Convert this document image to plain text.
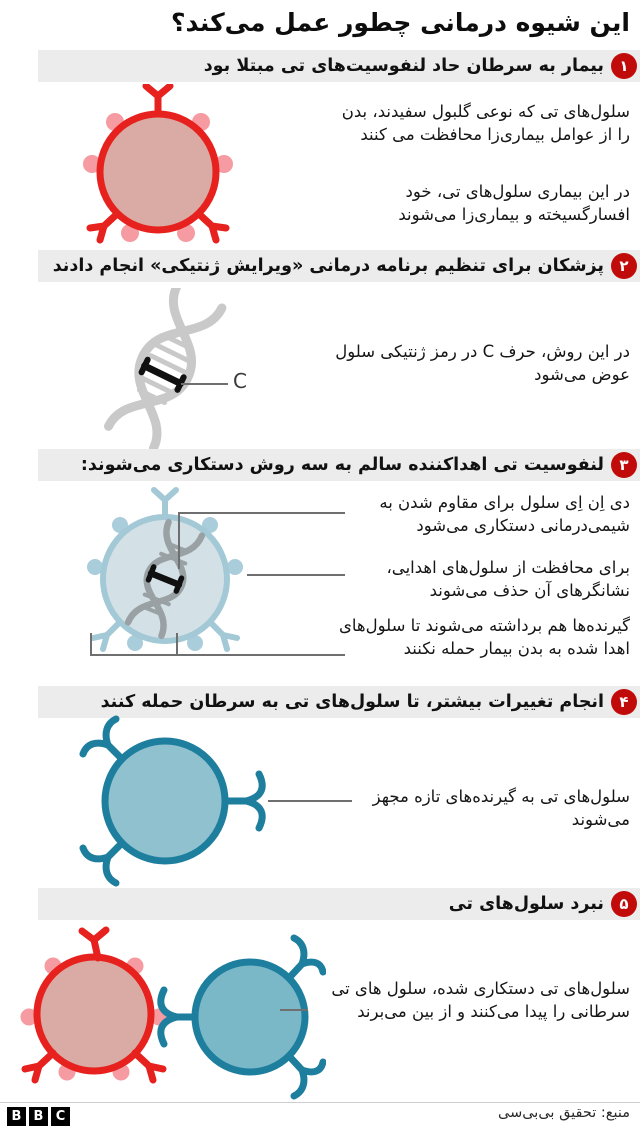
این شیوه درمانی چطور عمل می‌کند؟
۱
بیمار به سرطان حاد لنفوسیت‌های تی مبتلا بود

سلول‌های تی که نوعی گلبول سفیدند، بدن را از عوامل بیماری‌زا محافظت می کنند

در این بیماری سلول‌های تی، خود افسارگسیخته و بیماری‌زا می‌شوند

۲
پزشکان برای تنظیم برنامه درمانی «ویرایش ژنتیکی» انجام دادند
C

در این روش، حرف C در رمز ژنتیکی سلول عوض می‌شود

۳
لنفوسیت تی اهداکننده سالم به سه روش دستکاری می‌شوند:

دی اِن اِی سلول برای مقاوم شدن به شیمی‌درمانی دستکاری می‌شود

برای محافظت از سلول‌های اهدایی، نشانگرهای آن حذف می‌شوند

گیرنده‌ها هم برداشته می‌شوند تا سلول‌های اهدا شده به بدن بیمار حمله نکنند

۴
انجام تغییرات بیشتر، تا سلول‌های تی به سرطان حمله کنند

سلول‌های تی به گیرنده‌های تازه مجهز می‌شوند

۵
نبرد سلول‌های تی

سلول‌های تی دستکاری شده، سلول های تی سرطانی را پیدا می‌کنند و از بین می‌برند

B B C	منبع: تحقیق بی‌بی‌سی
